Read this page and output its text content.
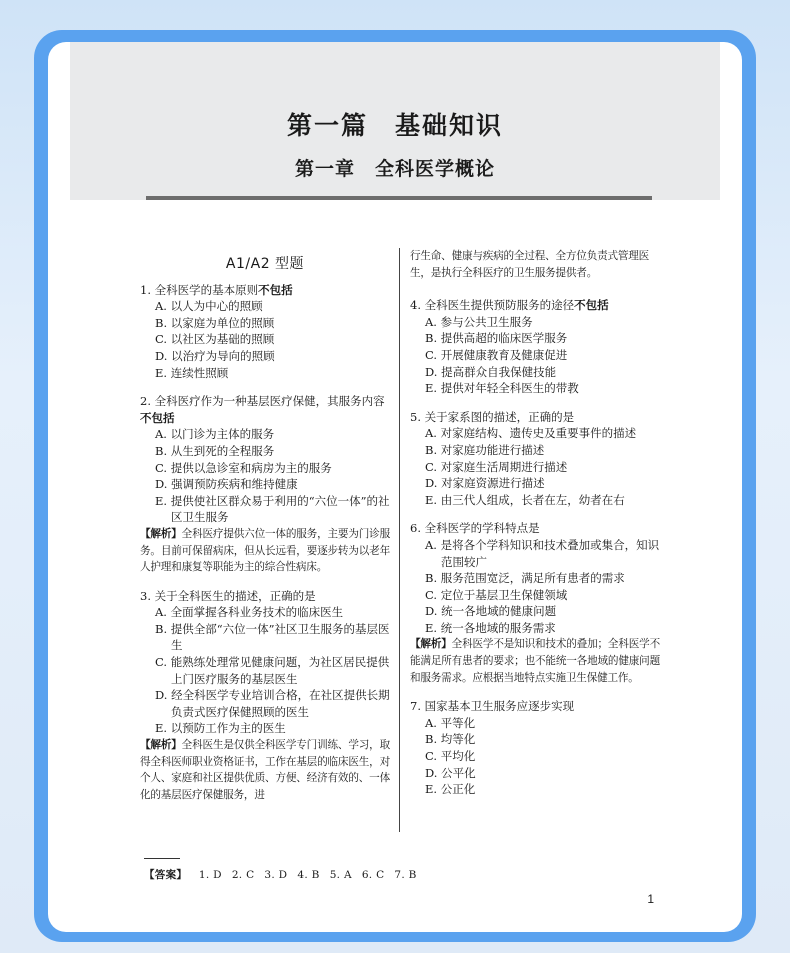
第一篇　基础知识
第一章　全科医学概论
A1/A2 型题
1. 全科医学的基本原则不包括
A. 以人为中心的照顾
B. 以家庭为单位的照顾
C. 以社区为基础的照顾
D. 以治疗为导向的照顾
E. 连续性照顾
2. 全科医疗作为一种基层医疗保健，其服务内容不包括
A. 以门诊为主体的服务
B. 从生到死的全程服务
C. 提供以急诊室和病房为主的服务
D. 强调预防疾病和维持健康
E. 提供使社区群众易于利用的“六位一体”的社区卫生服务
【解析】全科医疗提供六位一体的服务，主要为门诊服务。目前可保留病床，但从长远看，要逐步转为以老年人护理和康复等职能为主的综合性病床。
3. 关于全科医生的描述，正确的是
A. 全面掌握各科业务技术的临床医生
B. 提供全部“六位一体”社区卫生服务的基层医生
C. 能熟练处理常见健康问题，为社区居民提供上门医疗服务的基层医生
D. 经全科医学专业培训合格，在社区提供长期负责式医疗保健照顾的医生
E. 以预防工作为主的医生
【解析】全科医生是仅供全科医学专门训练、学习，取得全科医师职业资格证书，工作在基层的临床医生，对个人、家庭和社区提供优质、方便、经济有效的、一体化的基层医疗保健服务，进
行生命、健康与疾病的全过程、全方位负责式管理医生，是执行全科医疗的卫生服务提供者。
4. 全科医生提供预防服务的途径不包括
A. 参与公共卫生服务
B. 提供高超的临床医学服务
C. 开展健康教育及健康促进
D. 提高群众自我保健技能
E. 提供对年轻全科医生的带教
5. 关于家系图的描述，正确的是
A. 对家庭结构、遗传史及重要事件的描述
B. 对家庭功能进行描述
C. 对家庭生活周期进行描述
D. 对家庭资源进行描述
E. 由三代人组成，长者在左，幼者在右
6. 全科医学的学科特点是
A. 是将各个学科知识和技术叠加或集合，知识范围较广
B. 服务范围宽泛，满足所有患者的需求
C. 定位于基层卫生保健领域
D. 统一各地域的健康问题
E. 统一各地域的服务需求
【解析】全科医学不是知识和技术的叠加；全科医学不能满足所有患者的要求；也不能统一各地域的健康问题和服务需求。应根据当地特点实施卫生保健工作。
7. 国家基本卫生服务应逐步实现
A. 平等化
B. 均等化
C. 平均化
D. 公平化
E. 公正化
【答案】 1. D 2. C 3. D 4. B 5. A 6. C 7. B
1
